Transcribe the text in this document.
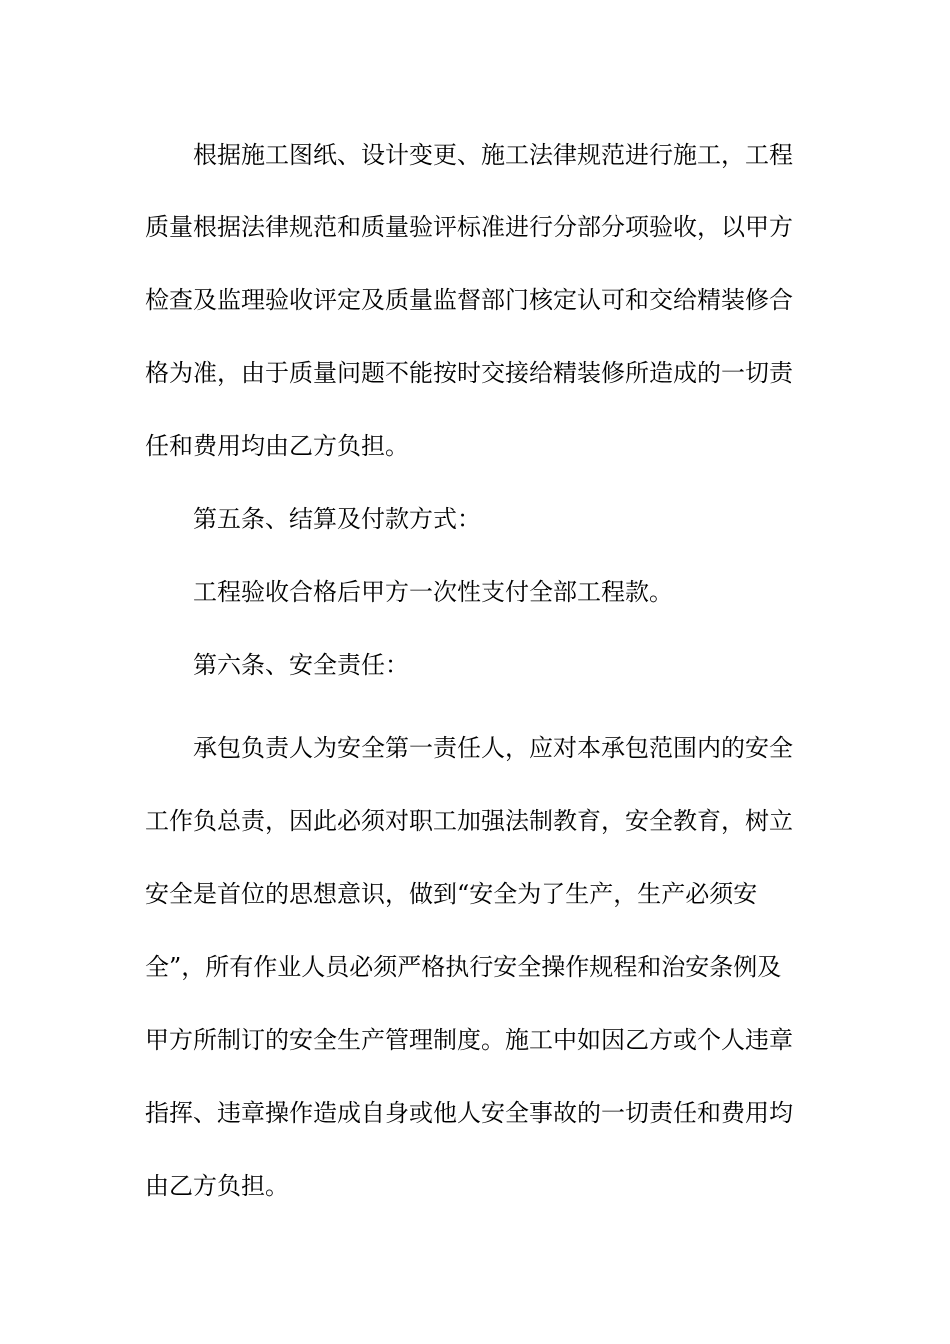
根据施工图纸、设计变更、施工法律规范进行施工，工程
质量根据法律规范和质量验评标准进行分部分项验收，以甲方
检查及监理验收评定及质量监督部门核定认可和交给精装修合
格为准，由于质量问题不能按时交接给精装修所造成的一切责
任和费用均由乙方负担。
第五条、结算及付款方式：
工程验收合格后甲方一次性支付全部工程款。
第六条、安全责任：
承包负责人为安全第一责任人，应对本承包范围内的安全
工作负总责，因此必须对职工加强法制教育，安全教育，树立
安全是首位的思想意识，做到“安全为了生产，生产必须安
全”，所有作业人员必须严格执行安全操作规程和治安条例及
甲方所制订的安全生产管理制度。施工中如因乙方或个人违章
指挥、违章操作造成自身或他人安全事故的一切责任和费用均
由乙方负担。
